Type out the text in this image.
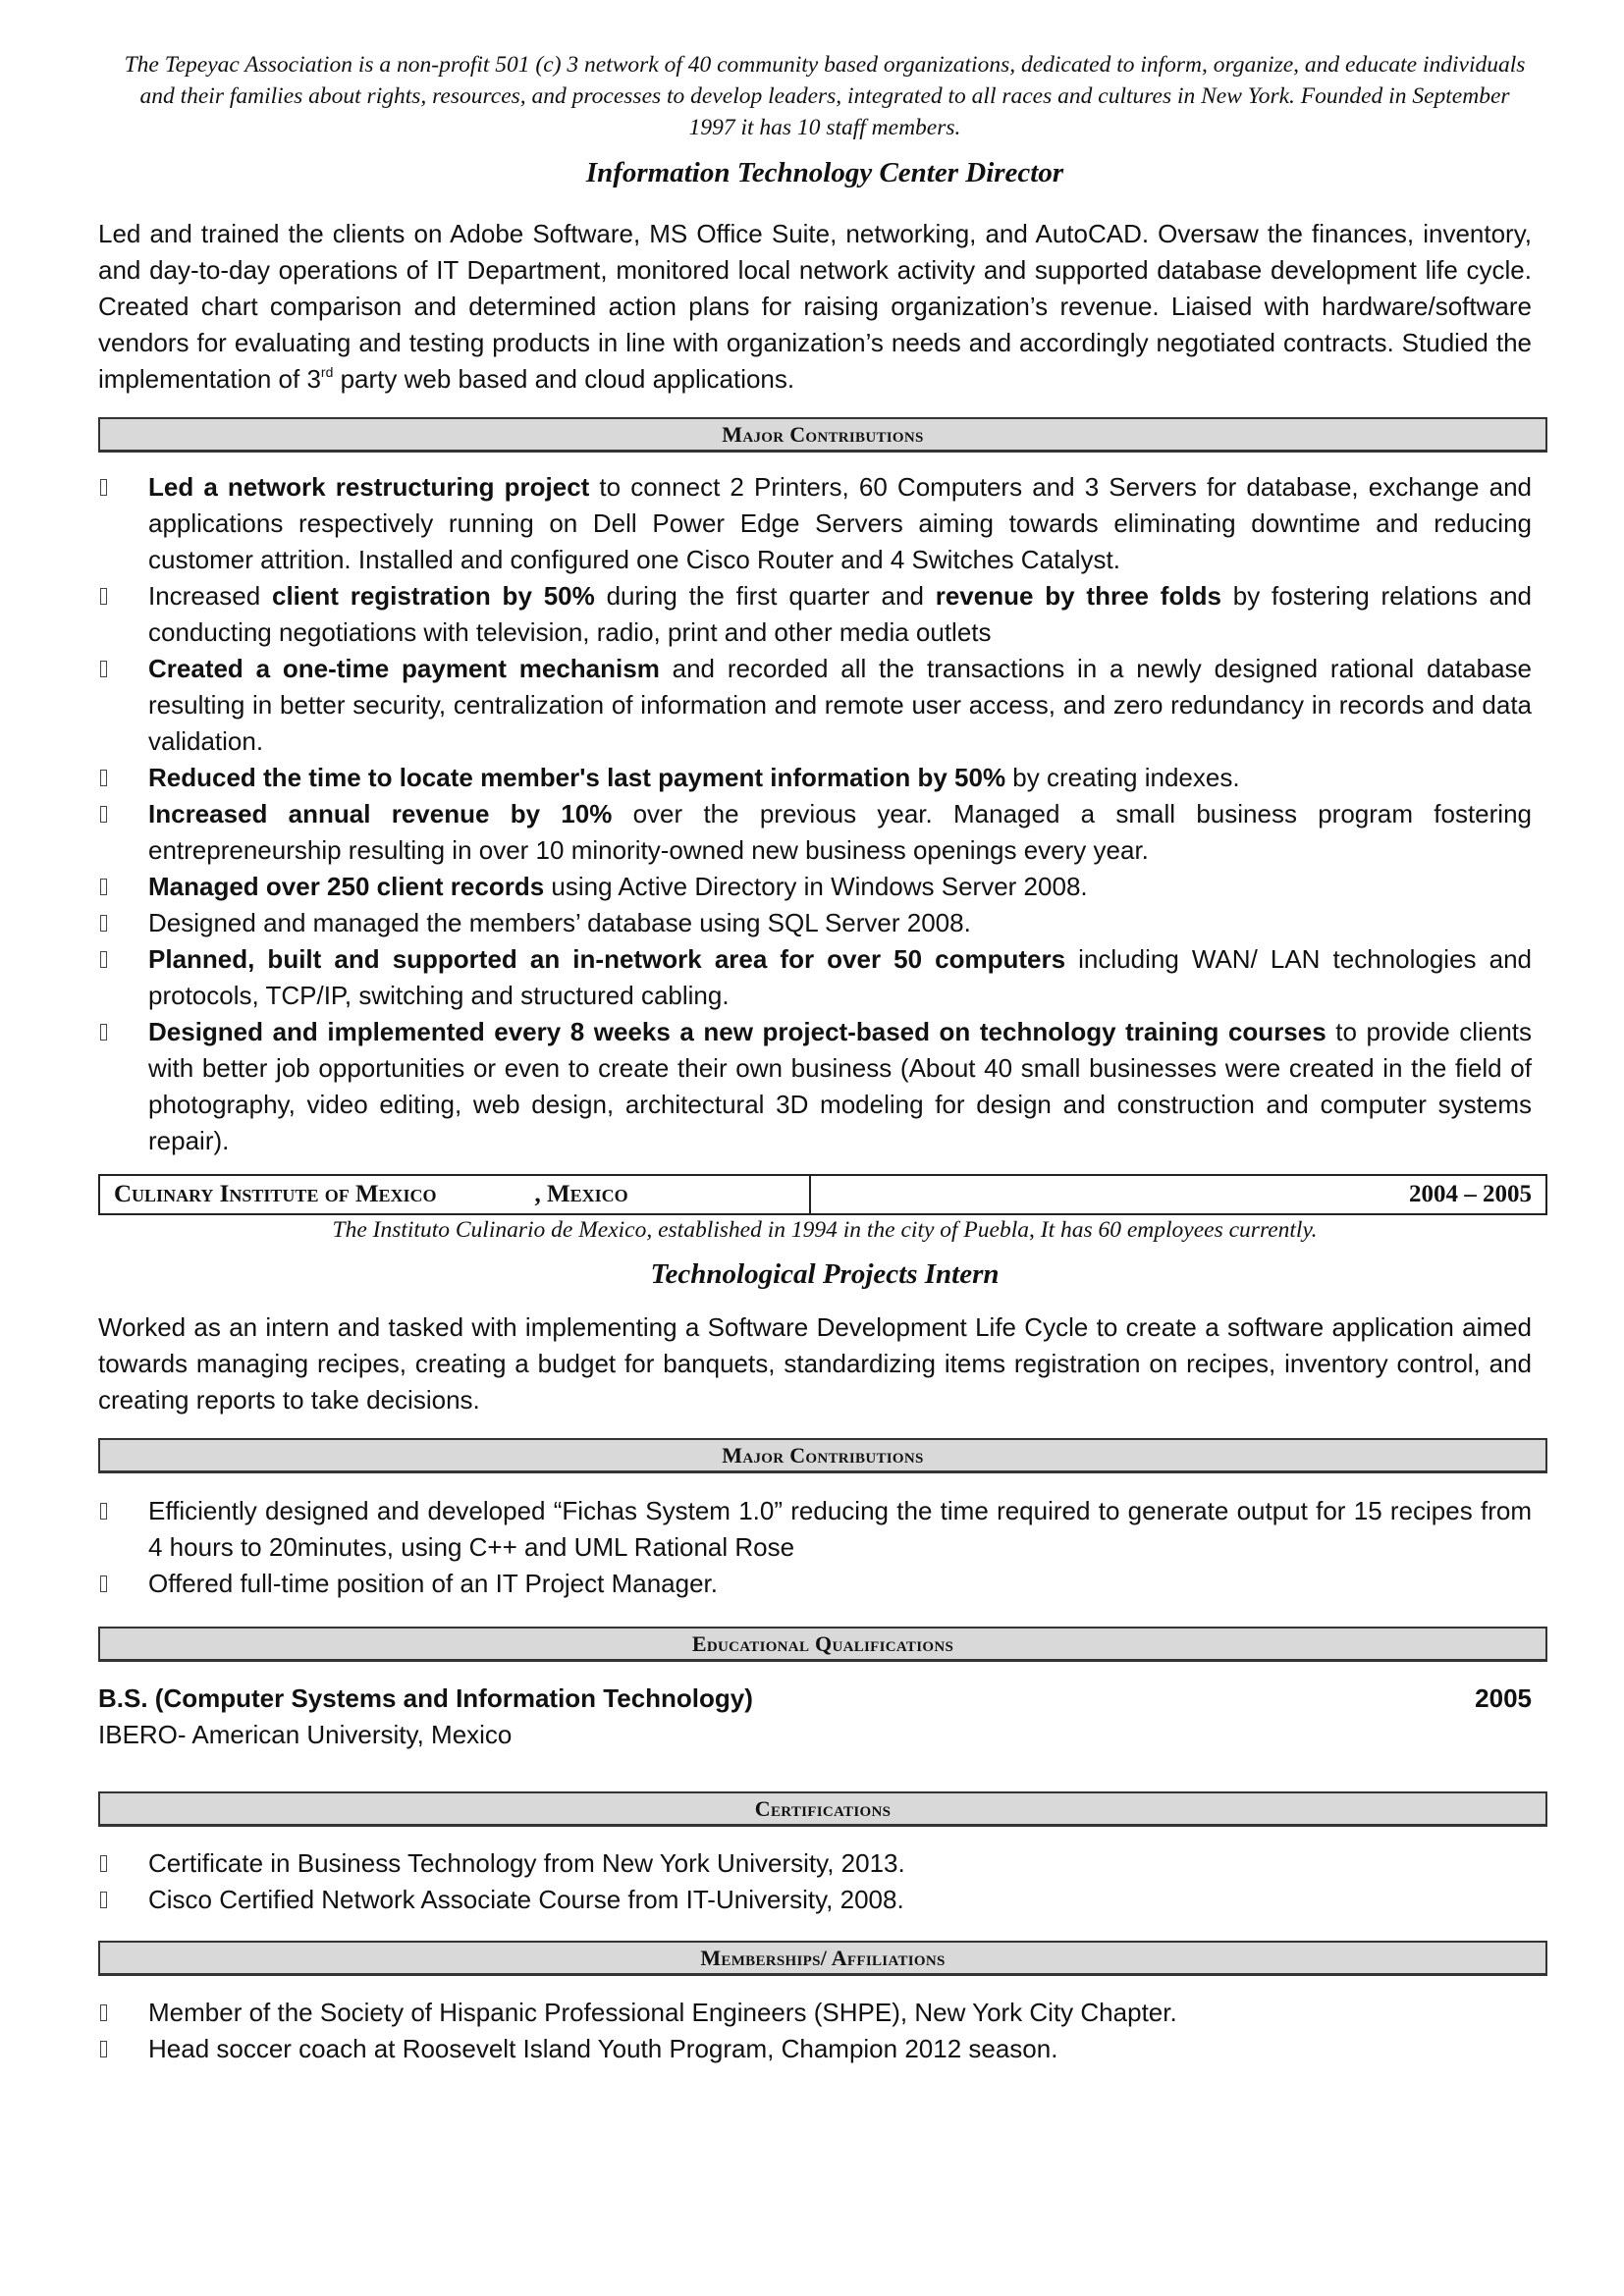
The Tepeyac Association is a non-profit 501 (c) 3 network of 40 community based organizations, dedicated to inform, organize, and educate individuals and their families about rights, resources, and processes to develop leaders, integrated to all races and cultures in New York. Founded in September 1997 it has 10 staff members.
Information Technology Center Director
Led and trained the clients on Adobe Software, MS Office Suite, networking, and AutoCAD. Oversaw the finances, inventory, and day-to-day operations of IT Department, monitored local network activity and supported database development life cycle. Created chart comparison and determined action plans for raising organization’s revenue. Liaised with hardware/software vendors for evaluating and testing products in line with organization’s needs and accordingly negotiated contracts. Studied the implementation of 3rd party web based and cloud applications.
Major Contributions
Led a network restructuring project to connect 2 Printers, 60 Computers and 3 Servers for database, exchange and applications respectively running on Dell Power Edge Servers aiming towards eliminating downtime and reducing customer attrition. Installed and configured one Cisco Router and 4 Switches Catalyst.
Increased client registration by 50% during the first quarter and revenue by three folds by fostering relations and conducting negotiations with television, radio, print and other media outlets
Created a one-time payment mechanism and recorded all the transactions in a newly designed rational database resulting in better security, centralization of information and remote user access, and zero redundancy in records and data validation.
Reduced the time to locate member's last payment information by 50% by creating indexes.
Increased annual revenue by 10% over the previous year. Managed a small business program fostering entrepreneurship resulting in over 10 minority-owned new business openings every year.
Managed over 250 client records using Active Directory in Windows Server 2008.
Designed and managed the members’ database using SQL Server 2008.
Planned, built and supported an in-network area for over 50 computers including WAN/ LAN technologies and protocols, TCP/IP, switching and structured cabling.
Designed and implemented every 8 weeks a new project-based on technology training courses to provide clients with better job opportunities or even to create their own business (About 40 small businesses were created in the field of photography, video editing, web design, architectural 3D modeling for design and construction and computer systems repair).
Culinary Institute of Mexico	, Mexico	2004 – 2005
The Instituto Culinario de Mexico, established in 1994 in the city of Puebla, It has 60 employees currently.
Technological Projects Intern
Worked as an intern and tasked with implementing a Software Development Life Cycle to create a software application aimed towards managing recipes, creating a budget for banquets, standardizing items registration on recipes, inventory control, and creating reports to take decisions.
Major Contributions
Efficiently designed and developed “Fichas System 1.0” reducing the time required to generate output for 15 recipes from 4 hours to 20minutes, using C++ and UML Rational Rose
Offered full-time position of an IT Project Manager.
Educational Qualifications
B.S. (Computer Systems and Information Technology)	2005
IBERO- American University, Mexico
Certifications
Certificate in Business Technology from New York University, 2013.
Cisco Certified Network Associate Course from IT-University, 2008.
Memberships/ Affiliations
Member of the Society of Hispanic Professional Engineers (SHPE), New York City Chapter.
Head soccer coach at Roosevelt Island Youth Program, Champion 2012 season.
